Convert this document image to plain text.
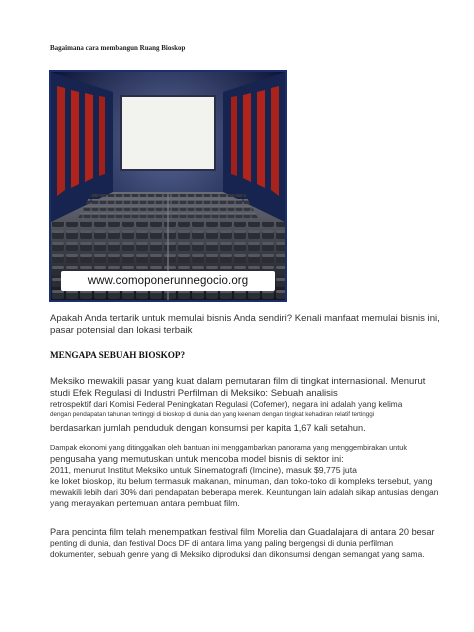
Bagaimana cara membangun Ruang Bioskop
www.comoponerunnegocio.org

Apakah Anda tertarik untuk memulai bisnis Anda sendiri? Kenali manfaat memulai bisnis ini,
pasar potensial dan lokasi terbaik

MENGAPA SEBUAH BIOSKOP?

Meksiko mewakili pasar yang kuat dalam pemutaran film di tingkat internasional. Menurut
studi Efek Regulasi di Industri Perfilman di Meksiko: Sebuah analisis
retrospektif dari Komisi Federal Peningkatan Regulasi (Cofemer), negara ini adalah yang kelima
dengan pendapatan tahunan tertinggi di bioskop di dunia dan yang keenam dengan tingkat kehadiran relatif tertinggi
berdasarkan jumlah penduduk dengan konsumsi per kapita 1,67 kali setahun.

Dampak ekonomi yang ditinggalkan oleh bantuan ini menggambarkan panorama yang menggembirakan untuk
pengusaha yang memutuskan untuk mencoba model bisnis di sektor ini:
2011, menurut Institut Meksiko untuk Sinematografi (Imcine), masuk $9,775 juta
ke loket bioskop, itu belum termasuk makanan, minuman, dan toko-toko di kompleks tersebut, yang
mewakili lebih dari 30% dari pendapatan beberapa merek. Keuntungan lain adalah sikap antusias dengan
yang merayakan pertemuan antara pembuat film.

Para pencinta film telah menempatkan festival film Morelia dan Guadalajara di antara 20 besar
penting di dunia, dan festival Docs DF di antara lima yang paling bergengsi di dunia perfilman
dokumenter, sebuah genre yang di Meksiko diproduksi dan dikonsumsi dengan semangat yang sama.
